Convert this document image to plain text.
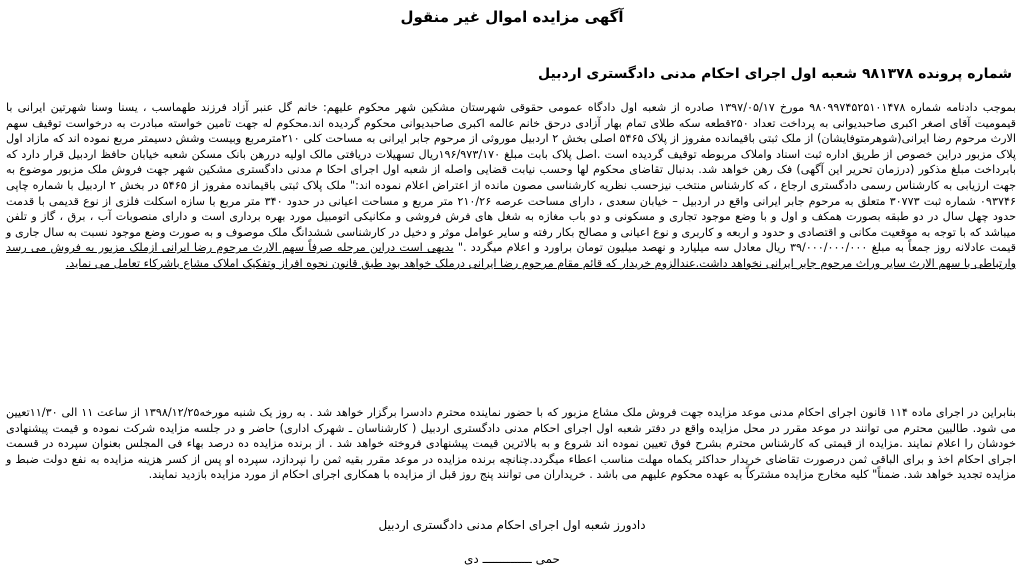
آگهی مزایده اموال غیر منقول
شماره پرونده ۹۸۱۳۷۸ شعبه اول اجرای احکام مدنی دادگستری اردبیل
بموجب دادنامه شماره ۹۸۰۹۹۷۴۵۲۵۱۰۱۴۷۸ مورخ ۱۳۹۷/۰۵/۱۷ صادره از شعبه اول دادگاه عمومی حقوقی شهرستان مشکین شهر محکوم علیهم: خانم گل عنبر آزاد فرزند طهماسب ، یسنا وسنا شهرتین ایرانی با قیمومیت آقای اصغر اکبری صاحبدیوانی به پرداخت تعداد ۲۵۰قطعه سکه طلای تمام بهار آزادی درحق خانم عالمه اکبری صاحبدیوانی محکوم گردیده اند.محکوم له جهت تامین خواسته مبادرت به درخواست توقیف سهم الارث مرحوم رضا ایرانی(شوهرمتوفایشان) از ملک ثبتی باقیمانده مفروز از پلاک ۵۴۶۵ اصلی بخش ۲ اردبیل موروثی از مرحوم جابر ایرانی به مساحت کلی ۲۱۰مترمربع وبیست وشش دسیمتر مربع نموده اند که مازاد اول پلاک مزبور دراین خصوص از طریق اداره ثبت اسناد واملاک مربوطه توقیف گردیده است .اصل پلاک بابت مبلغ ۱۹۶/۹۷۳/۱۷۰ریال تسهیلات دریافتی مالک اولیه دررهن بانک مسکن شعبه خیابان حافظ اردبیل قرار دارد که بابرداخت مبلغ مذکور (درزمان تحریر این آگهی) فک رهن خواهد شد. بدنبال تقاضای محکوم لها وحسب نیابت قضایی واصله از شعبه اول اجرای احکا م مدنی دادگستری مشکین شهر جهت فروش ملک مزبور موضوع به جهت ارزیابی به کارشناس رسمی دادگستری ارجاع ، که کارشناس منتخب نیزحسب نظریه کارشناسی مصون مانده از اعتراض اعلام نموده اند:" ملک پلاک ثبتی باقیمانده مفروز از ۵۴۶۵ در بخش ۲ اردبیل با شماره چاپی ۰۹۳۷۴۶ شماره ثبت ۳۰۷۷۳ متعلق به مرحوم جابر ایرانی واقع در اردبیل – خیابان سعدی ، دارای مساحت عرصه ۲۱۰/۲۶ متر مربع و مساحت اعیانی در حدود ۳۴۰ متر مربع با سازه اسکلت فلزی از نوع قدیمی با قدمت حدود چهل سال در دو طبقه بصورت همکف و اول و با وضع موجود تجاری و مسکونی و دو باب مغازه به شغل های فرش فروشی و مکانیکی اتومبیل مورد بهره برداری است و دارای منصوبات آب ، برق ، گاز و تلفن میباشد که با توجه به موقعیت مکانی و اقتصادی و حدود و اربعه و کاربری و نوع اعیانی و مصالح بکار رفته و سایر عوامل موثر و دخیل در کارشناسی ششدانگ ملک موصوف و به صورت وضع موجود نسبت به سال جاری و قیمت عادلانه روز جمعاً به مبلغ ۳۹/۰۰۰/۰۰۰/۰۰۰ ریال معادل سه میلیارد و نهصد میلیون تومان براورد و اعلام میگردد ." بدیهی است دراین مرحله صرفاً سهم الارث مرحوم رضا ایرانی ازملک مزبور به فروش می رسد وارتباطی با سهم الارث سایر وراث مرحوم جابر ایرانی نخواهد داشت.عندالزوم خریدار که قائم مقام مرحوم رضا ایرانی درملک خواهد بود طبق قانون نحوه افراز وتفکیک املاک مشاع باشرکاء تعامل می نماید.
بنابراین در اجرای ماده ۱۱۴ قانون اجرای احکام مدنی موعد مزایده جهت فروش ملک مشاع مزبور که با حضور نماینده محترم دادسرا برگزار خواهد شد . به روز یک شنبه مورخه۱۳۹۸/۱۲/۲۵ از ساعت ۱۱ الی ۱۱/۳۰تعیین می شود. طالبین محترم می توانند در موعد مقرر در محل مزایده واقع در دفتر شعبه اول اجرای احکام مدنی دادگستری اردبیل ( کارشناسان ـ شهرک اداری) حاضر و در جلسه مزایده شرکت نموده و قیمت پیشنهادی خودشان را اعلام نمایند .مزایده از قیمتی که کارشناس محترم بشرح فوق تعیین نموده اند شروع و به بالاترین قیمت پیشنهادی فروخته خواهد شد . از برنده مزایده ده درصد بهاء فی المجلس بعنوان سپرده در قسمت اجرای احکام اخذ و برای الباقی ثمن درصورت تقاضای خریدار حداکثر یکماه مهلت مناسب اعطاء میگردد.چنانچه برنده مزایده در موعد مقرر بقیه ثمن را نپردازد، سپرده او پس از کسر هزینه مزایده به نفع دولت ضبط و مزایده تجدید خواهد شد. ضمناً" کلیه مخارج مزایده مشترکاً به عهده محکوم علیهم می باشد . خریداران می توانند پنج روز قبل از مزایده با همکاری اجرای احکام از مورد مزایده بازدید نمایند.
دادورز شعبه اول اجرای احکام مدنی دادگستری اردبیل
حمی ــــــــــــــ دی
